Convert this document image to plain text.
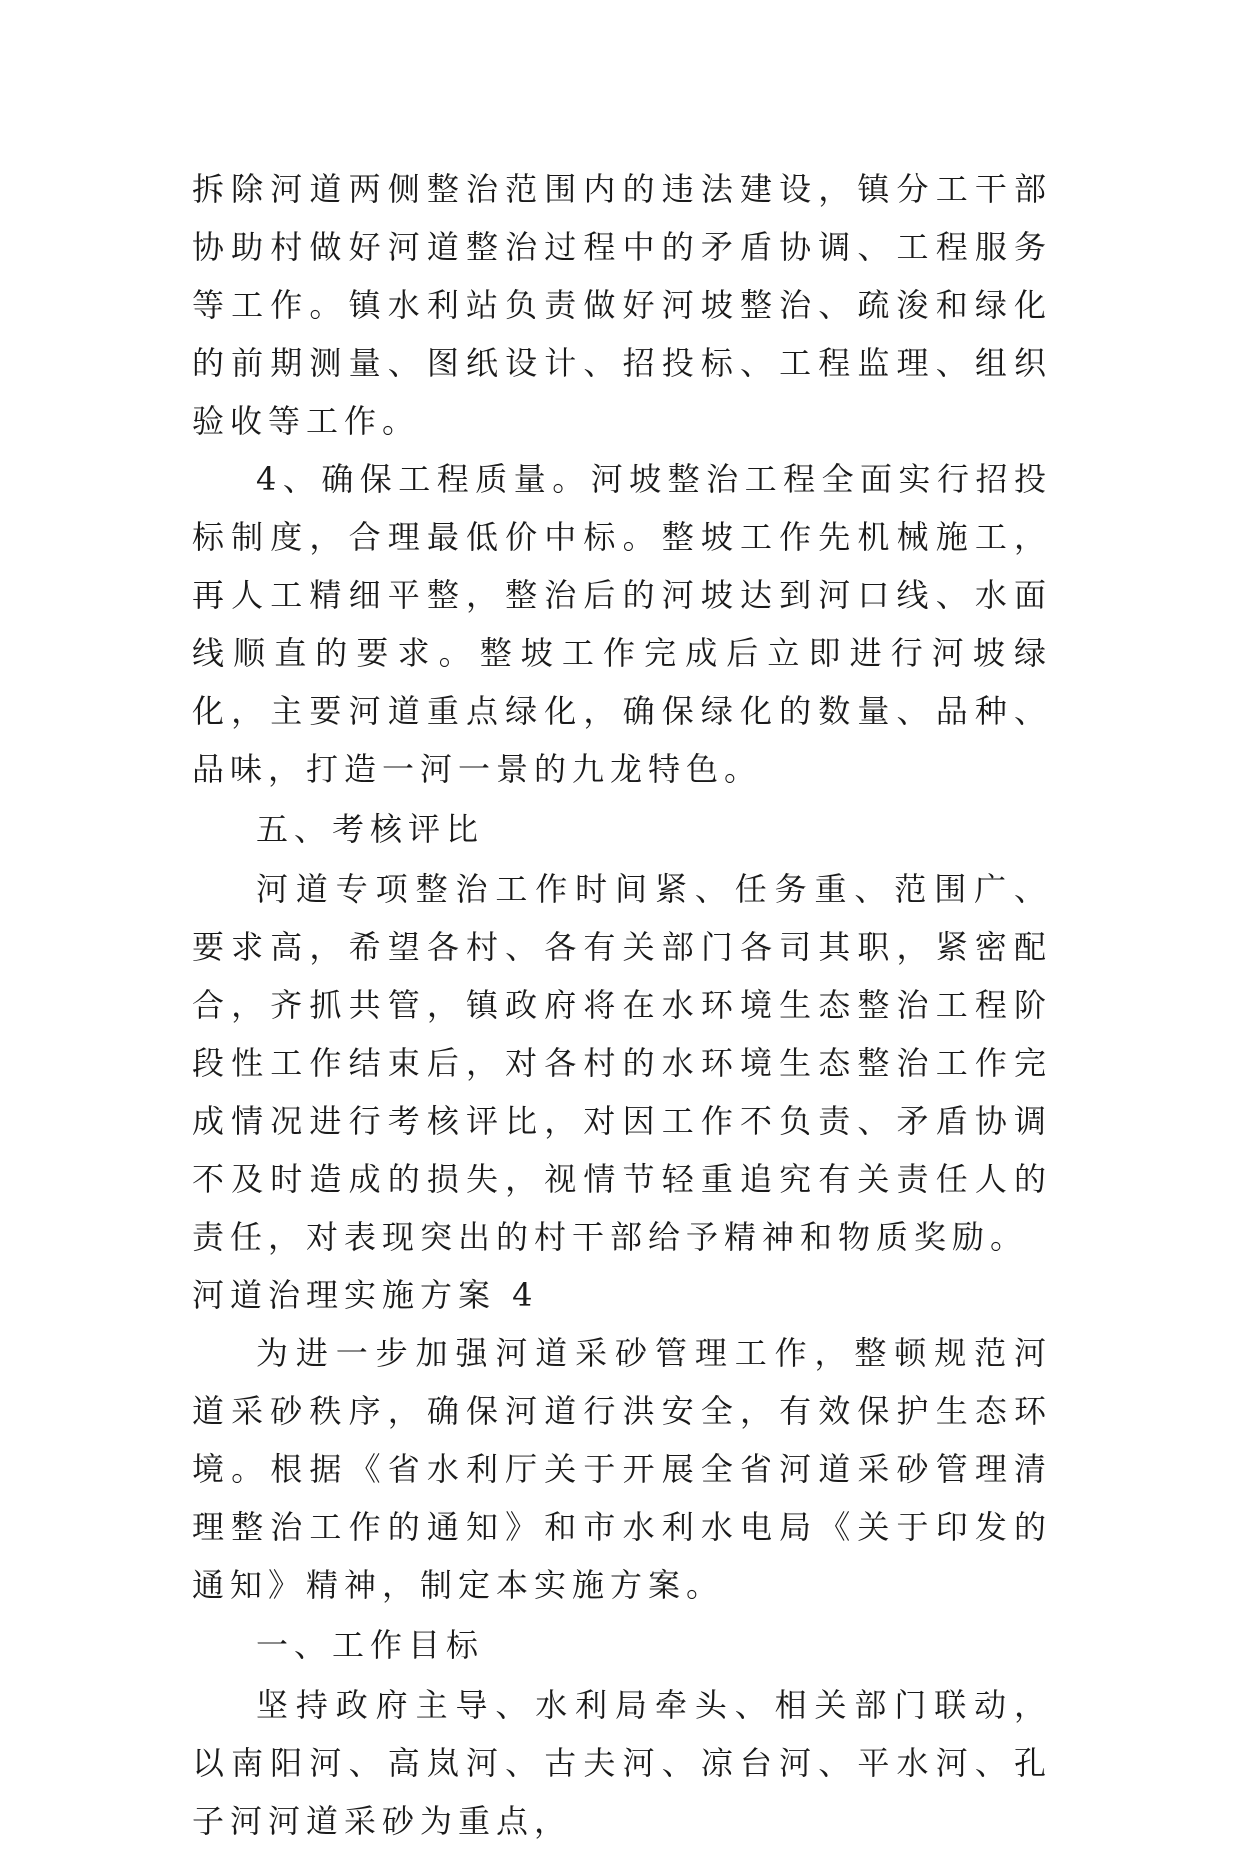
拆除河道两侧整治范围内的违法建设，镇分工干部协助村做好河道整治过程中的矛盾协调、工程服务等工作。镇水利站负责做好河坡整治、疏浚和绿化的前期测量、图纸设计、招投标、工程监理、组织验收等工作。

4、确保工程质量。河坡整治工程全面实行招投标制度，合理最低价中标。整坡工作先机械施工，再人工精细平整，整治后的河坡达到河口线、水面线顺直的要求。整坡工作完成后立即进行河坡绿化，主要河道重点绿化，确保绿化的数量、品种、品味，打造一河一景的九龙特色。

五、考核评比

河道专项整治工作时间紧、任务重、范围广、要求高，希望各村、各有关部门各司其职，紧密配合，齐抓共管，镇政府将在水环境生态整治工程阶段性工作结束后，对各村的水环境生态整治工作完成情况进行考核评比，对因工作不负责、矛盾协调不及时造成的损失，视情节轻重追究有关责任人的责任，对表现突出的村干部给予精神和物质奖励。

河道治理实施方案 4

为进一步加强河道采砂管理工作，整顿规范河道采砂秩序，确保河道行洪安全，有效保护生态环境。根据《省水利厅关于开展全省河道采砂管理清理整治工作的通知》和市水利水电局《关于印发的通知》精神，制定本实施方案。

一、工作目标

坚持政府主导、水利局牵头、相关部门联动，以南阳河、高岚河、古夫河、凉台河、平水河、孔子河河道采砂为重点，
